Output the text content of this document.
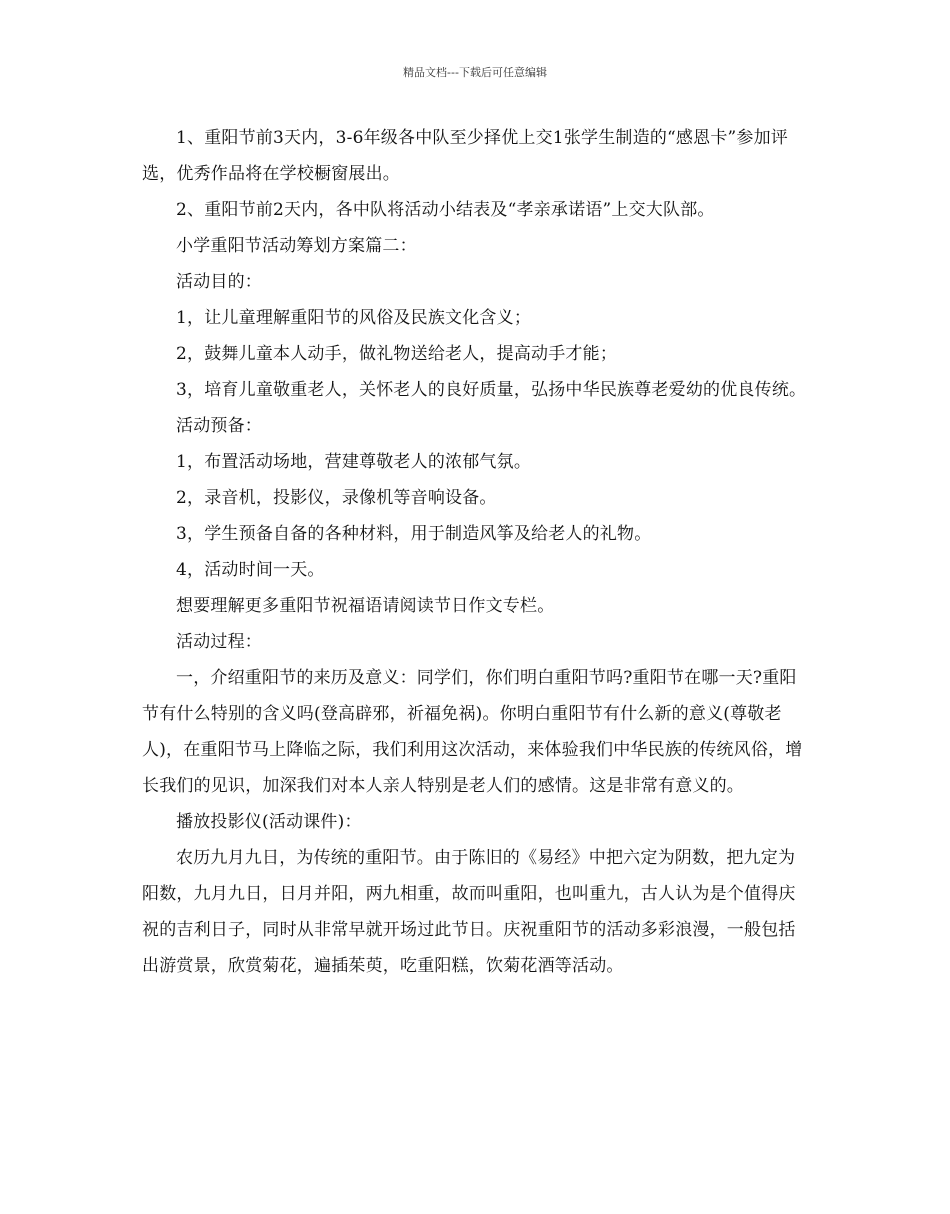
精品文档---下载后可任意编辑

1、重阳节前3天内，3-6年级各中队至少择优上交1张学生制造的“感恩卡”参加评选，优秀作品将在学校橱窗展出。

2、重阳节前2天内，各中队将活动小结表及“孝亲承诺语”上交大队部。

小学重阳节活动筹划方案篇二：

活动目的：

1，让儿童理解重阳节的风俗及民族文化含义；

2，鼓舞儿童本人动手，做礼物送给老人，提高动手才能；

3，培育儿童敬重老人，关怀老人的良好质量，弘扬中华民族尊老爱幼的优良传统。

活动预备：

1，布置活动场地，营建尊敬老人的浓郁气氛。

2，录音机，投影仪，录像机等音响设备。

3，学生预备自备的各种材料，用于制造风筝及给老人的礼物。

4，活动时间一天。

想要理解更多重阳节祝福语请阅读节日作文专栏。

活动过程：

一，介绍重阳节的来历及意义：同学们，你们明白重阳节吗?重阳节在哪一天?重阳节有什么特别的含义吗(登高辟邪，祈福免祸)。你明白重阳节有什么新的意义(尊敬老人)，在重阳节马上降临之际，我们利用这次活动，来体验我们中华民族的传统风俗，增长我们的见识，加深我们对本人亲人特别是老人们的感情。这是非常有意义的。

播放投影仪(活动课件)：

农历九月九日，为传统的重阳节。由于陈旧的《易经》中把六定为阴数，把九定为阳数，九月九日，日月并阳，两九相重，故而叫重阳，也叫重九，古人认为是个值得庆祝的吉利日子，同时从非常早就开场过此节日。庆祝重阳节的活动多彩浪漫，一般包括出游赏景，欣赏菊花，遍插茱萸，吃重阳糕，饮菊花酒等活动。
